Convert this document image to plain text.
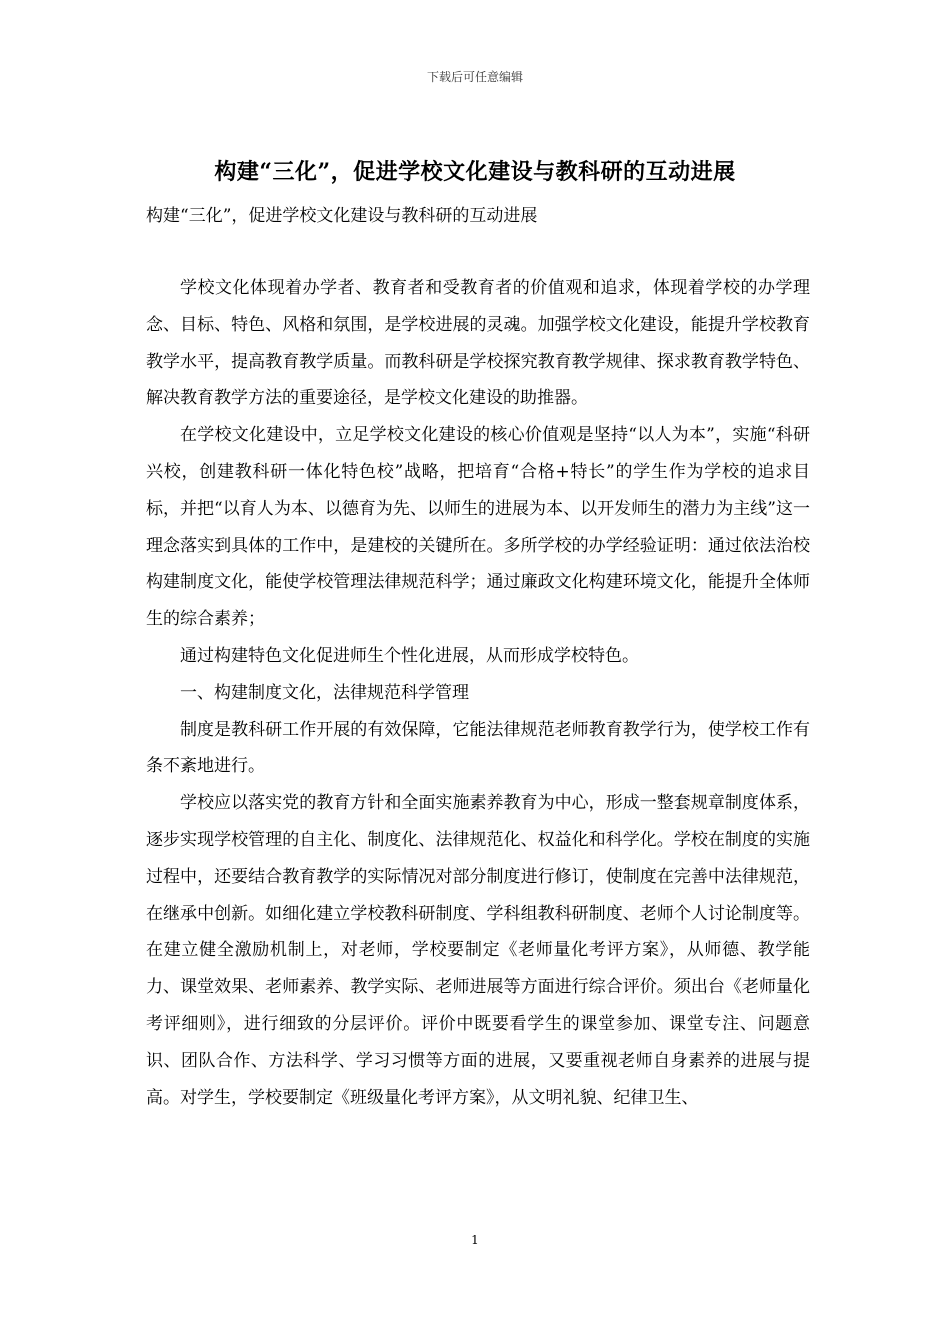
下载后可任意编辑
构建“三化”，促进学校文化建设与教科研的互动进展
构建“三化”，促进学校文化建设与教科研的互动进展

学校文化体现着办学者、教育者和受教育者的价值观和追求，体现着学校的办学理念、目标、特色、风格和氛围，是学校进展的灵魂。加强学校文化建设，能提升学校教育教学水平，提高教育教学质量。而教科研是学校探究教育教学规律、探求教育教学特色、解决教育教学方法的重要途径，是学校文化建设的助推器。

在学校文化建设中，立足学校文化建设的核心价值观是坚持“以人为本”，实施“科研兴校，创建教科研一体化特色校”战略，把培育“合格+特长”的学生作为学校的追求目标，并把“以育人为本、以德育为先、以师生的进展为本、以开发师生的潜力为主线”这一理念落实到具体的工作中，是建校的关键所在。多所学校的办学经验证明：通过依法治校构建制度文化，能使学校管理法律规范科学；通过廉政文化构建环境文化，能提升全体师生的综合素养；

通过构建特色文化促进师生个性化进展，从而形成学校特色。

一、构建制度文化，法律规范科学管理

制度是教科研工作开展的有效保障，它能法律规范老师教育教学行为，使学校工作有条不紊地进行。

学校应以落实党的教育方针和全面实施素养教育为中心，形成一整套规章制度体系，逐步实现学校管理的自主化、制度化、法律规范化、权益化和科学化。学校在制度的实施过程中，还要结合教育教学的实际情况对部分制度进行修订，使制度在完善中法律规范，在继承中创新。如细化建立学校教科研制度、学科组教科研制度、老师个人讨论制度等。在建立健全激励机制上，对老师，学校要制定《老师量化考评方案》，从师德、教学能力、课堂效果、老师素养、教学实际、老师进展等方面进行综合评价。须出台《老师量化考评细则》，进行细致的分层评价。评价中既要看学生的课堂参加、课堂专注、问题意识、团队合作、方法科学、学习习惯等方面的进展，又要重视老师自身素养的进展与提高。对学生，学校要制定《班级量化考评方案》，从文明礼貌、纪律卫生、

1
